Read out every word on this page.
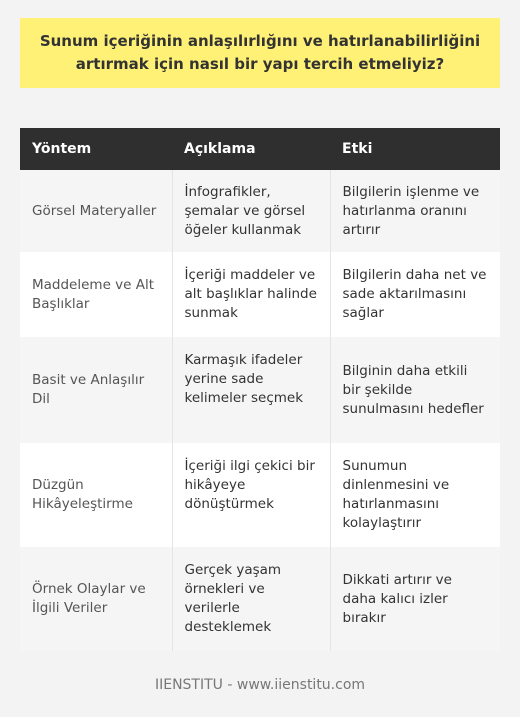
Sunum içeriğinin anlaşılırlığını ve hatırlanabilirliğini artırmak için nasıl bir yapı tercih etmeliyiz?
Yöntem	Açıklama	Etki
Görsel Materyaller	İnfografikler, şemalar ve görsel öğeler kullanmak	Bilgilerin işlenme ve hatırlanma oranını artırır
Maddeleme ve Alt Başlıklar	İçeriği maddeler ve alt başlıklar halinde sunmak	Bilgilerin daha net ve sade aktarılmasını sağlar
Basit ve Anlaşılır Dil	Karmaşık ifadeler yerine sade kelimeler seçmek	Bilginin daha etkili bir şekilde sunulmasını hedefler
Düzgün Hikâyeleştirme	İçeriği ilgi çekici bir hikâyeye dönüştürmek	Sunumun dinlenmesini ve hatırlanmasını kolaylaştırır
Örnek Olaylar ve İlgili Veriler	Gerçek yaşam örnekleri ve verilerle desteklemek	Dikkati artırır ve daha kalıcı izler bırakır
IIENSTITU - www.iienstitu.com
